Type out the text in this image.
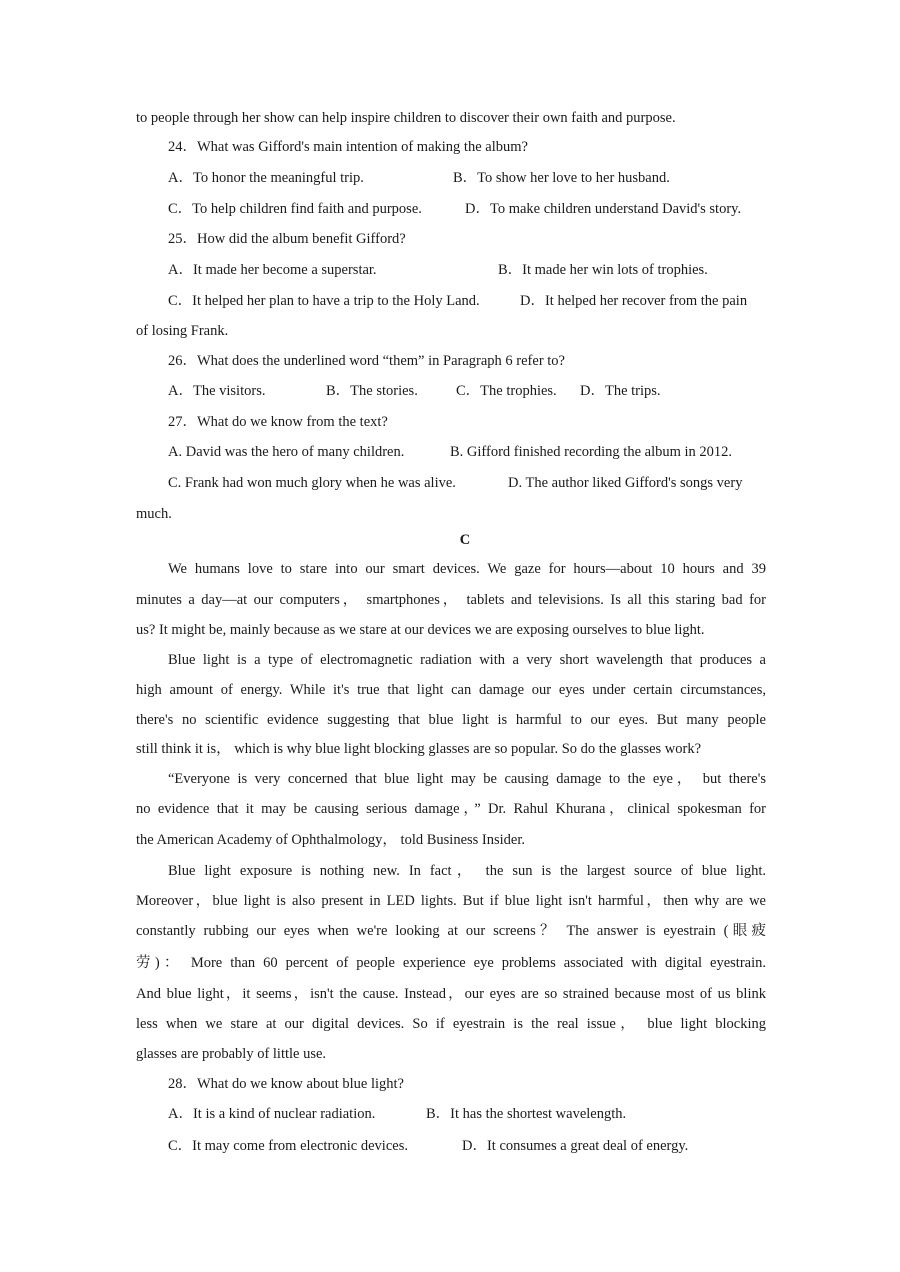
to people through her show can help inspire children to discover their own faith and purpose.
24．What was Gifford's main intention of making the album?
A．To honor the meaningful trip.	B．To show her love to her husband.
C．To help children find faith and purpose.	D．To make children understand David's story.
25．How did the album benefit Gifford?
A．It made her become a superstar.	B．It made her win lots of trophies.
C．It helped her plan to have a trip to the Holy Land.	D．It helped her recover from the pain
of losing Frank.
26．What does the underlined word “them” in Paragraph 6 refer to?
A．The visitors.	B．The stories.	C．The trophies. D．The trips.
27．What do we know from the text?
A. David was the hero of many children.	B. Gifford finished recording the album in 2012.
C. Frank had won much glory when he was alive.	D. The author liked Gifford's songs very
much.
C
We humans love to stare into our smart devices. We gaze for hours—about 10 hours and 39
minutes a day—at our computers， smartphones， tablets and televisions. Is all this staring bad for
us? It might be, mainly because as we stare at our devices we are exposing ourselves to blue light.
Blue light is a type of electromagnetic radiation with a very short wavelength that produces a
high amount of energy. While it's true that light can damage our eyes under certain circumstances,
there's no scientific evidence suggesting that blue light is harmful to our eyes. But many people
still think it is， which is why blue light blocking glasses are so popular. So do the glasses work?
“Everyone is very concerned that blue light may be causing damage to the eye， but there's
no evidence that it may be causing serious damage，” Dr. Rahul Khurana，clinical spokesman for
the American Academy of Ophthalmology， told Business Insider.
Blue light exposure is nothing new. In fact， the sun is the largest source of blue light.
Moreover，blue light is also present in LED lights. But if blue light isn't harmful，then why are we
constantly rubbing our eyes when we're looking at our screens？ The answer is eyestrain (眼疲
劳)： More than 60 percent of people experience eye problems associated with digital eyestrain.
And blue light，it seems，isn't the cause. Instead，our eyes are so strained because most of us blink
less when we stare at our digital devices. So if eyestrain is the real issue， blue light blocking
glasses are probably of little use.
28．What do we know about blue light?
A．It is a kind of nuclear radiation.	B．It has the shortest wavelength.
C．It may come from electronic devices.	D．It consumes a great deal of energy.
